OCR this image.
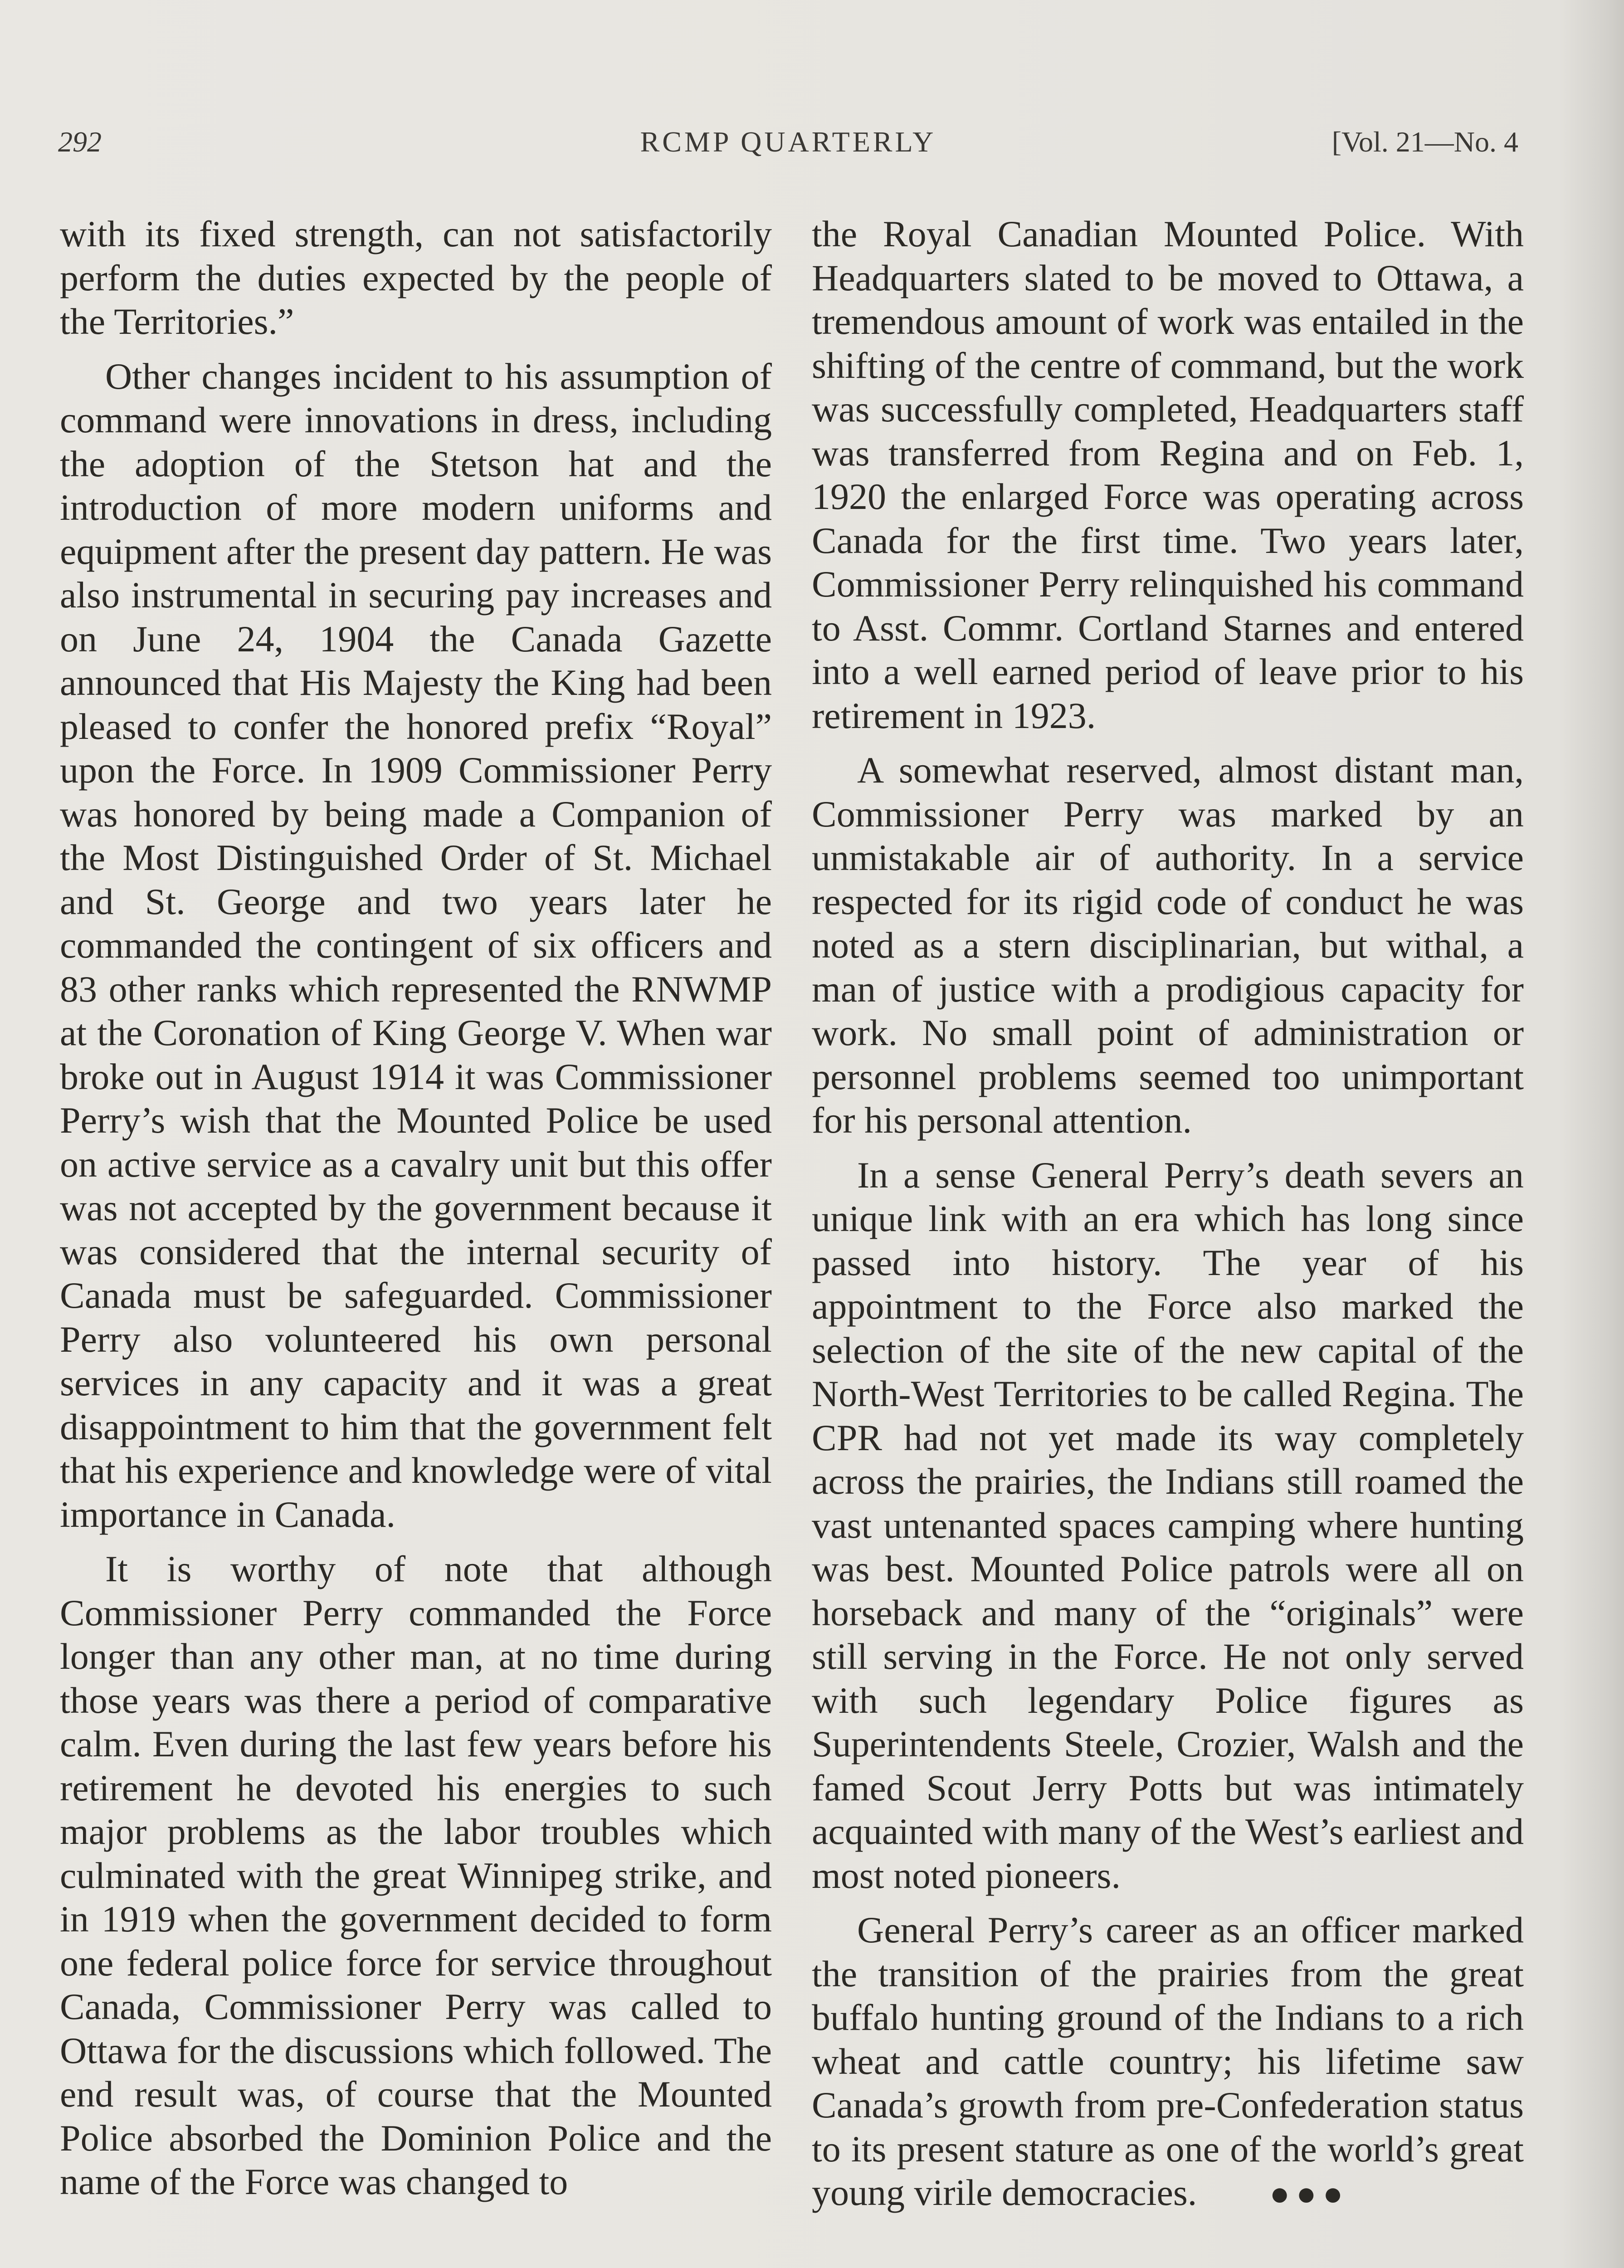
292	RCMP QUARTERLY	[Vol. 21—No. 4

with its fixed strength, can not satisfactorily perform the duties expected by the people of the Territories.”

Other changes incident to his assumption of command were innovations in dress, including the adoption of the Stetson hat and the introduction of more modern uniforms and equipment after the present day pattern. He was also instrumental in securing pay increases and on June 24, 1904 the Canada Gazette announced that His Majesty the King had been pleased to confer the honored prefix “Royal” upon the Force. In 1909 Commissioner Perry was honored by being made a Companion of the Most Distinguished Order of St. Michael and St. George and two years later he commanded the contingent of six officers and 83 other ranks which represented the RNWMP at the Coronation of King George V. When war broke out in August 1914 it was Commissioner Perry’s wish that the Mounted Police be used on active service as a cavalry unit but this offer was not accepted by the government because it was considered that the internal security of Canada must be safeguarded. Commissioner Perry also volunteered his own personal services in any capacity and it was a great disappointment to him that the government felt that his experience and knowledge were of vital importance in Canada.

It is worthy of note that although Commissioner Perry commanded the Force longer than any other man, at no time during those years was there a period of comparative calm. Even during the last few years before his retirement he devoted his energies to such major problems as the labor troubles which culminated with the great Winnipeg strike, and in 1919 when the government decided to form one federal police force for service throughout Canada, Commissioner Perry was called to Ottawa for the discussions which followed. The end result was, of course that the Mounted Police absorbed the Dominion Police and the name of the Force was changed to

the Royal Canadian Mounted Police. With Headquarters slated to be moved to Ottawa, a tremendous amount of work was entailed in the shifting of the centre of command, but the work was successfully completed, Headquarters staff was transferred from Regina and on Feb. 1, 1920 the enlarged Force was operating across Canada for the first time. Two years later, Commissioner Perry relinquished his command to Asst. Commr. Cortland Starnes and entered into a well earned period of leave prior to his retirement in 1923.

A somewhat reserved, almost distant man, Commissioner Perry was marked by an unmistakable air of authority. In a service respected for its rigid code of conduct he was noted as a stern disciplinarian, but withal, a man of justice with a prodigious capacity for work. No small point of administration or personnel problems seemed too unimportant for his personal attention.

In a sense General Perry’s death severs an unique link with an era which has long since passed into history. The year of his appointment to the Force also marked the selection of the site of the new capital of the North-West Territories to be called Regina. The CPR had not yet made its way completely across the prairies, the Indians still roamed the vast untenanted spaces camping where hunting was best. Mounted Police patrols were all on horseback and many of the “originals” were still serving in the Force. He not only served with such legendary Police figures as Superintendents Steele, Crozier, Walsh and the famed Scout Jerry Potts but was intimately acquainted with many of the West’s earliest and most noted pioneers.

General Perry’s career as an officer marked the transition of the prairies from the great buffalo hunting ground of the Indians to a rich wheat and cattle country; his lifetime saw Canada’s growth from pre-Confederation status to its present stature as one of the world’s great young virile democracies. ●●●
